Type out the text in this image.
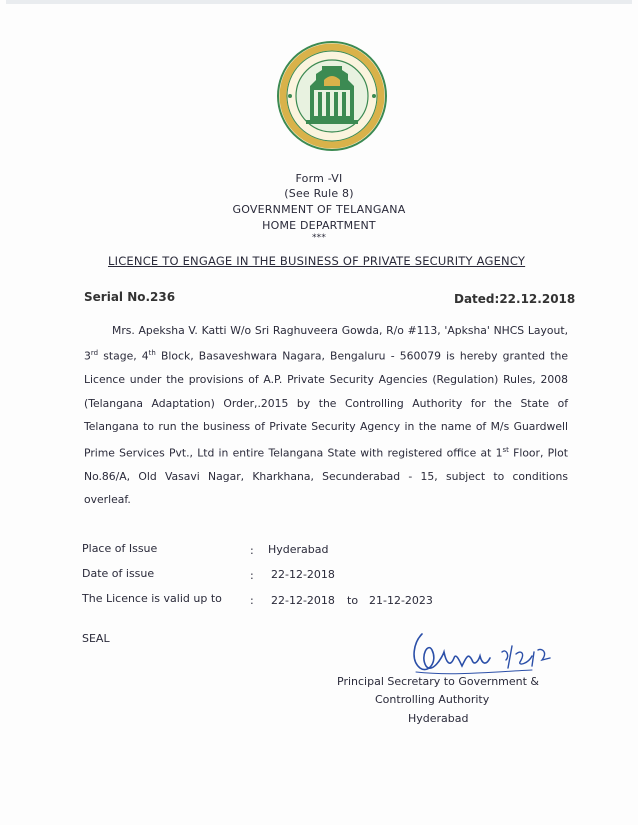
Form -VI
(See Rule 8)
GOVERNMENT OF TELANGANA
HOME DEPARTMENT
***
LICENCE TO ENGAGE IN THE BUSINESS OF PRIVATE SECURITY AGENCY
Serial No.236	Dated:22.12.2018

Mrs. Apeksha V. Katti W/o Sri Raghuveera Gowda, R/o #113, 'Apksha' NHCS Layout, 3rd stage, 4th Block, Basaveshwara Nagara, Bengaluru - 560079 is hereby granted the Licence under the provisions of A.P. Private Security Agencies (Regulation) Rules, 2008 (Telangana Adaptation) Order,.2015 by the Controlling Authority for the State of Telangana to run the business of Private Security Agency in the name of M/s Guardwell Prime Services Pvt., Ltd in entire Telangana State with registered office at 1st Floor, Plot No.86/A, Old Vasavi Nagar, Kharkhana, Secunderabad - 15, subject to conditions overleaf.

Place of Issue	: Hyderabad
Date of issue	: 22-12-2018
The Licence is valid up to	: 22-12-2018 to 21-12-2023
SEAL
Principal Secretary to Government &
Controlling Authority
Hyderabad
